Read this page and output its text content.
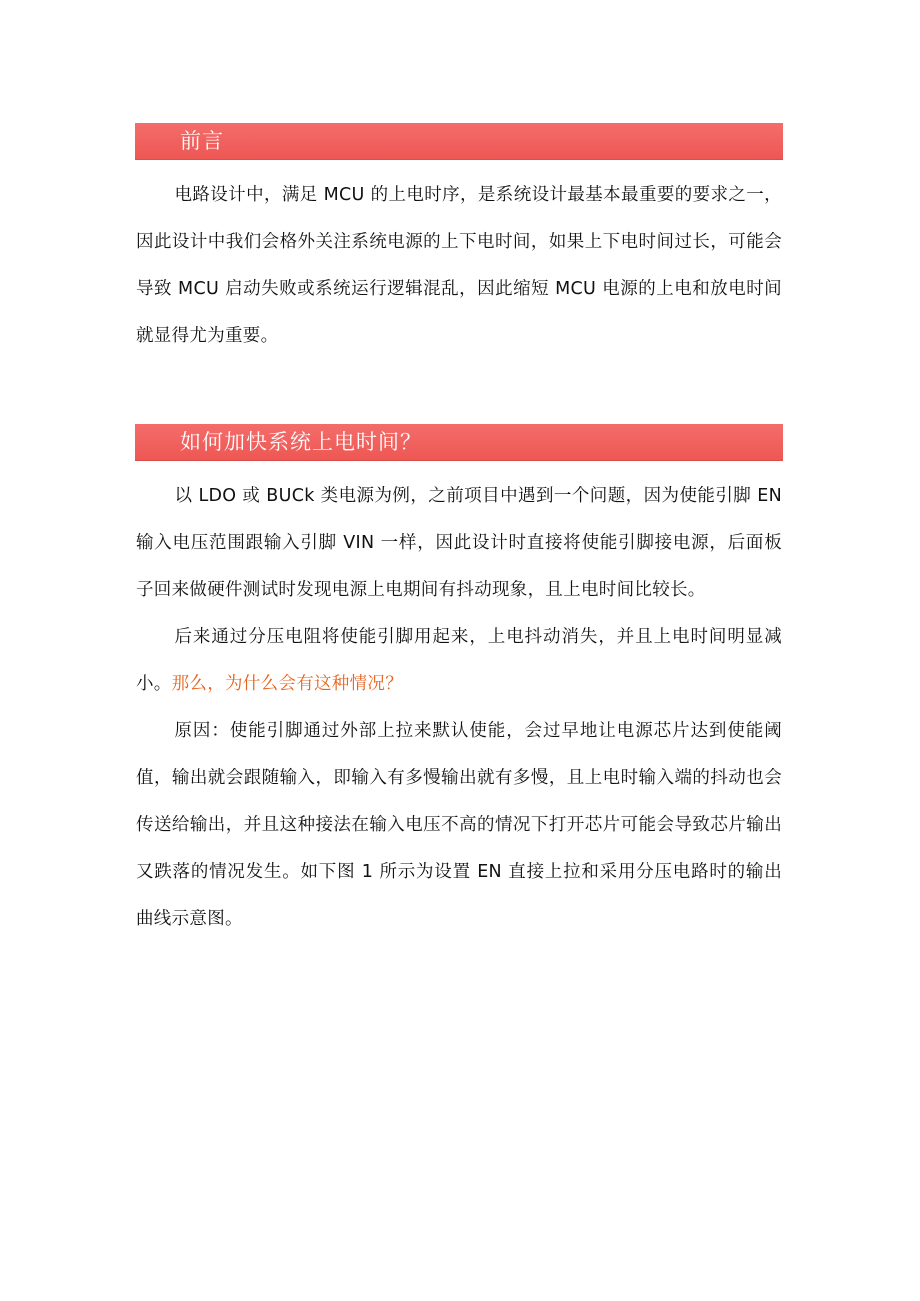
前言

电路设计中，满足 MCU 的上电时序，是系统设计最基本最重要的要求之一，因此设计中我们会格外关注系统电源的上下电时间，如果上下电时间过长，可能会导致 MCU 启动失败或系统运行逻辑混乱，因此缩短 MCU 电源的上电和放电时间就显得尤为重要。

如何加快系统上电时间？

以 LDO 或 BUCk 类电源为例，之前项目中遇到一个问题，因为使能引脚 EN 输入电压范围跟输入引脚 VIN 一样，因此设计时直接将使能引脚接电源，后面板子回来做硬件测试时发现电源上电期间有抖动现象，且上电时间比较长。

后来通过分压电阻将使能引脚用起来，上电抖动消失，并且上电时间明显减小。那么，为什么会有这种情况？

原因：使能引脚通过外部上拉来默认使能，会过早地让电源芯片达到使能阈值，输出就会跟随输入，即输入有多慢输出就有多慢，且上电时输入端的抖动也会传送给输出，并且这种接法在输入电压不高的情况下打开芯片可能会导致芯片输出又跌落的情况发生。如下图 1 所示为设置 EN 直接上拉和采用分压电路时的输出曲线示意图。
